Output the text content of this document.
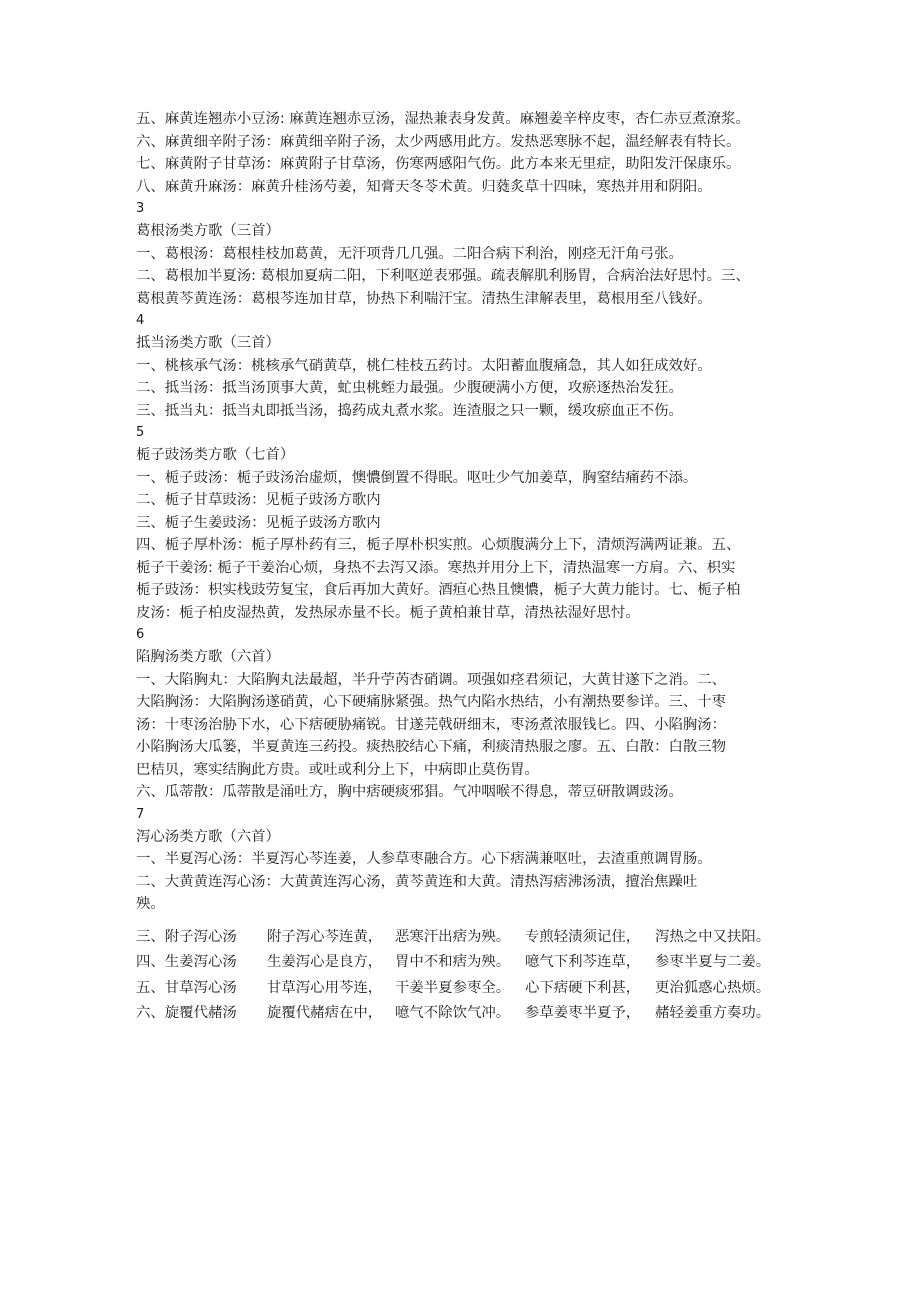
五、麻黄连翘赤小豆汤: 麻黄连翘赤豆汤，湿热兼表身发黄。麻翘姜辛梓皮枣，杏仁赤豆煮潦浆。
六、麻黄细辛附子汤：麻黄细辛附子汤，太少两感用此方。发热恶寒脉不起，温经解表有特长。
七、麻黄附子甘草汤：麻黄附子甘草汤，伤寒两感阳气伤。此方本来无里症，助阳发汗保康乐。
八、麻黄升麻汤：麻黄升桂汤芍姜，知膏天冬苓术黄。归蕤炙草十四味，寒热并用和阴阳。
3
葛根汤类方歌（三首）
一、葛根汤：葛根桂枝加葛黄，无汗项背几几强。二阳合病下利治，刚痉无汗角弓张。
二、葛根加半夏汤: 葛根加夏病二阳，下利呕逆表邪强。疏表解肌利肠胃，合病治法好思忖。三、
葛根黄芩黄连汤：葛根芩连加甘草，协热下利喘汗宝。清热生津解表里，葛根用至八钱好。
4
抵当汤类方歌（三首）
一、桃核承气汤：桃核承气硝黄草，桃仁桂枝五药讨。太阳蓄血腹痛急，其人如狂成效好。
二、抵当汤：抵当汤顶事大黄，虻虫桃蛭力最强。少腹硬满小方便，攻瘀逐热治发狂。
三、抵当丸：抵当丸即抵当汤，捣药成丸煮水浆。连渣服之只一颗，缓攻瘀血正不伤。
5
栀子豉汤类方歌（七首）
一、栀子豉汤：栀子豉汤治虚烦，懊憹倒置不得眠。呕吐少气加姜草，胸窒结痛药不添。
二、栀子甘草豉汤：见栀子豉汤方歌内
三、栀子生姜豉汤：见栀子豉汤方歌内
四、栀子厚朴汤：栀子厚朴药有三，栀子厚朴枳实煎。心烦腹满分上下，清烦泻满两证兼。五、
栀子干姜汤: 栀子干姜治心烦，身热不去泻又添。寒热并用分上下，清热温寒一方肩。六、枳实
栀子豉汤：枳实栈豉劳复宝，食后再加大黄好。酒疸心热且懊憹，栀子大黄力能讨。七、栀子柏
皮汤：栀子柏皮湿热黄，发热尿赤量不长。栀子黄柏兼甘草，清热祛湿好思忖。
6
陷胸汤类方歌（六首）
一、大陷胸丸：大陷胸丸法最超，半升苧芮杏硝调。项强如痉君须记，大黄甘遂下之消。二、
大陷胸汤：大陷胸汤遂硝黄，心下硬痛脉紧强。热气内陷水热结，小有潮热要参详。三、十枣
汤：十枣汤治胁下水，心下痞硬胁痛锐。甘遂芫戟研细末，枣汤煮浓服钱匕。四、小陷胸汤：
小陷胸汤大瓜篓，半夏黄连三药投。痰热胶结心下痛，利痰清热服之廖。五、白散：白散三物
巴桔贝，寒实结胸此方贵。或吐或利分上下，中病即止莫伤胃。
六、瓜蒂散：瓜蒂散是涌吐方，胸中痞硬痰邪猖。气冲咽喉不得息，蒂豆研散调豉汤。
7
泻心汤类方歌（六首）
一、半夏泻心汤：半夏泻心芩连姜，人参草枣融合方。心下痞满兼呕吐，去渣重煎调胃肠。
二、大黄黄连泻心汤：大黄黄连泻心汤，黄芩黄连和大黄。清热泻痞沸汤渍，擅治焦躁吐
殃。
三、附子泻心汤	附子泻心芩连黄，	恶寒汗出痞为殃。	专煎轻渍须记住，	泻热之中又扶阳。
四、生姜泻心汤	生姜泻心是良方，	胃中不和痞为殃。	噫气下利芩连草，	参枣半夏与二姜。
五、甘草泻心汤	甘草泻心用芩连，	干姜半夏参枣全。	心下痞硬下利甚，	更治狐惑心热烦。
六、旋覆代赭汤	旋覆代赭痞在中，	噫气不除饮气冲。	参草姜枣半夏予，	赭轻姜重方奏功。
